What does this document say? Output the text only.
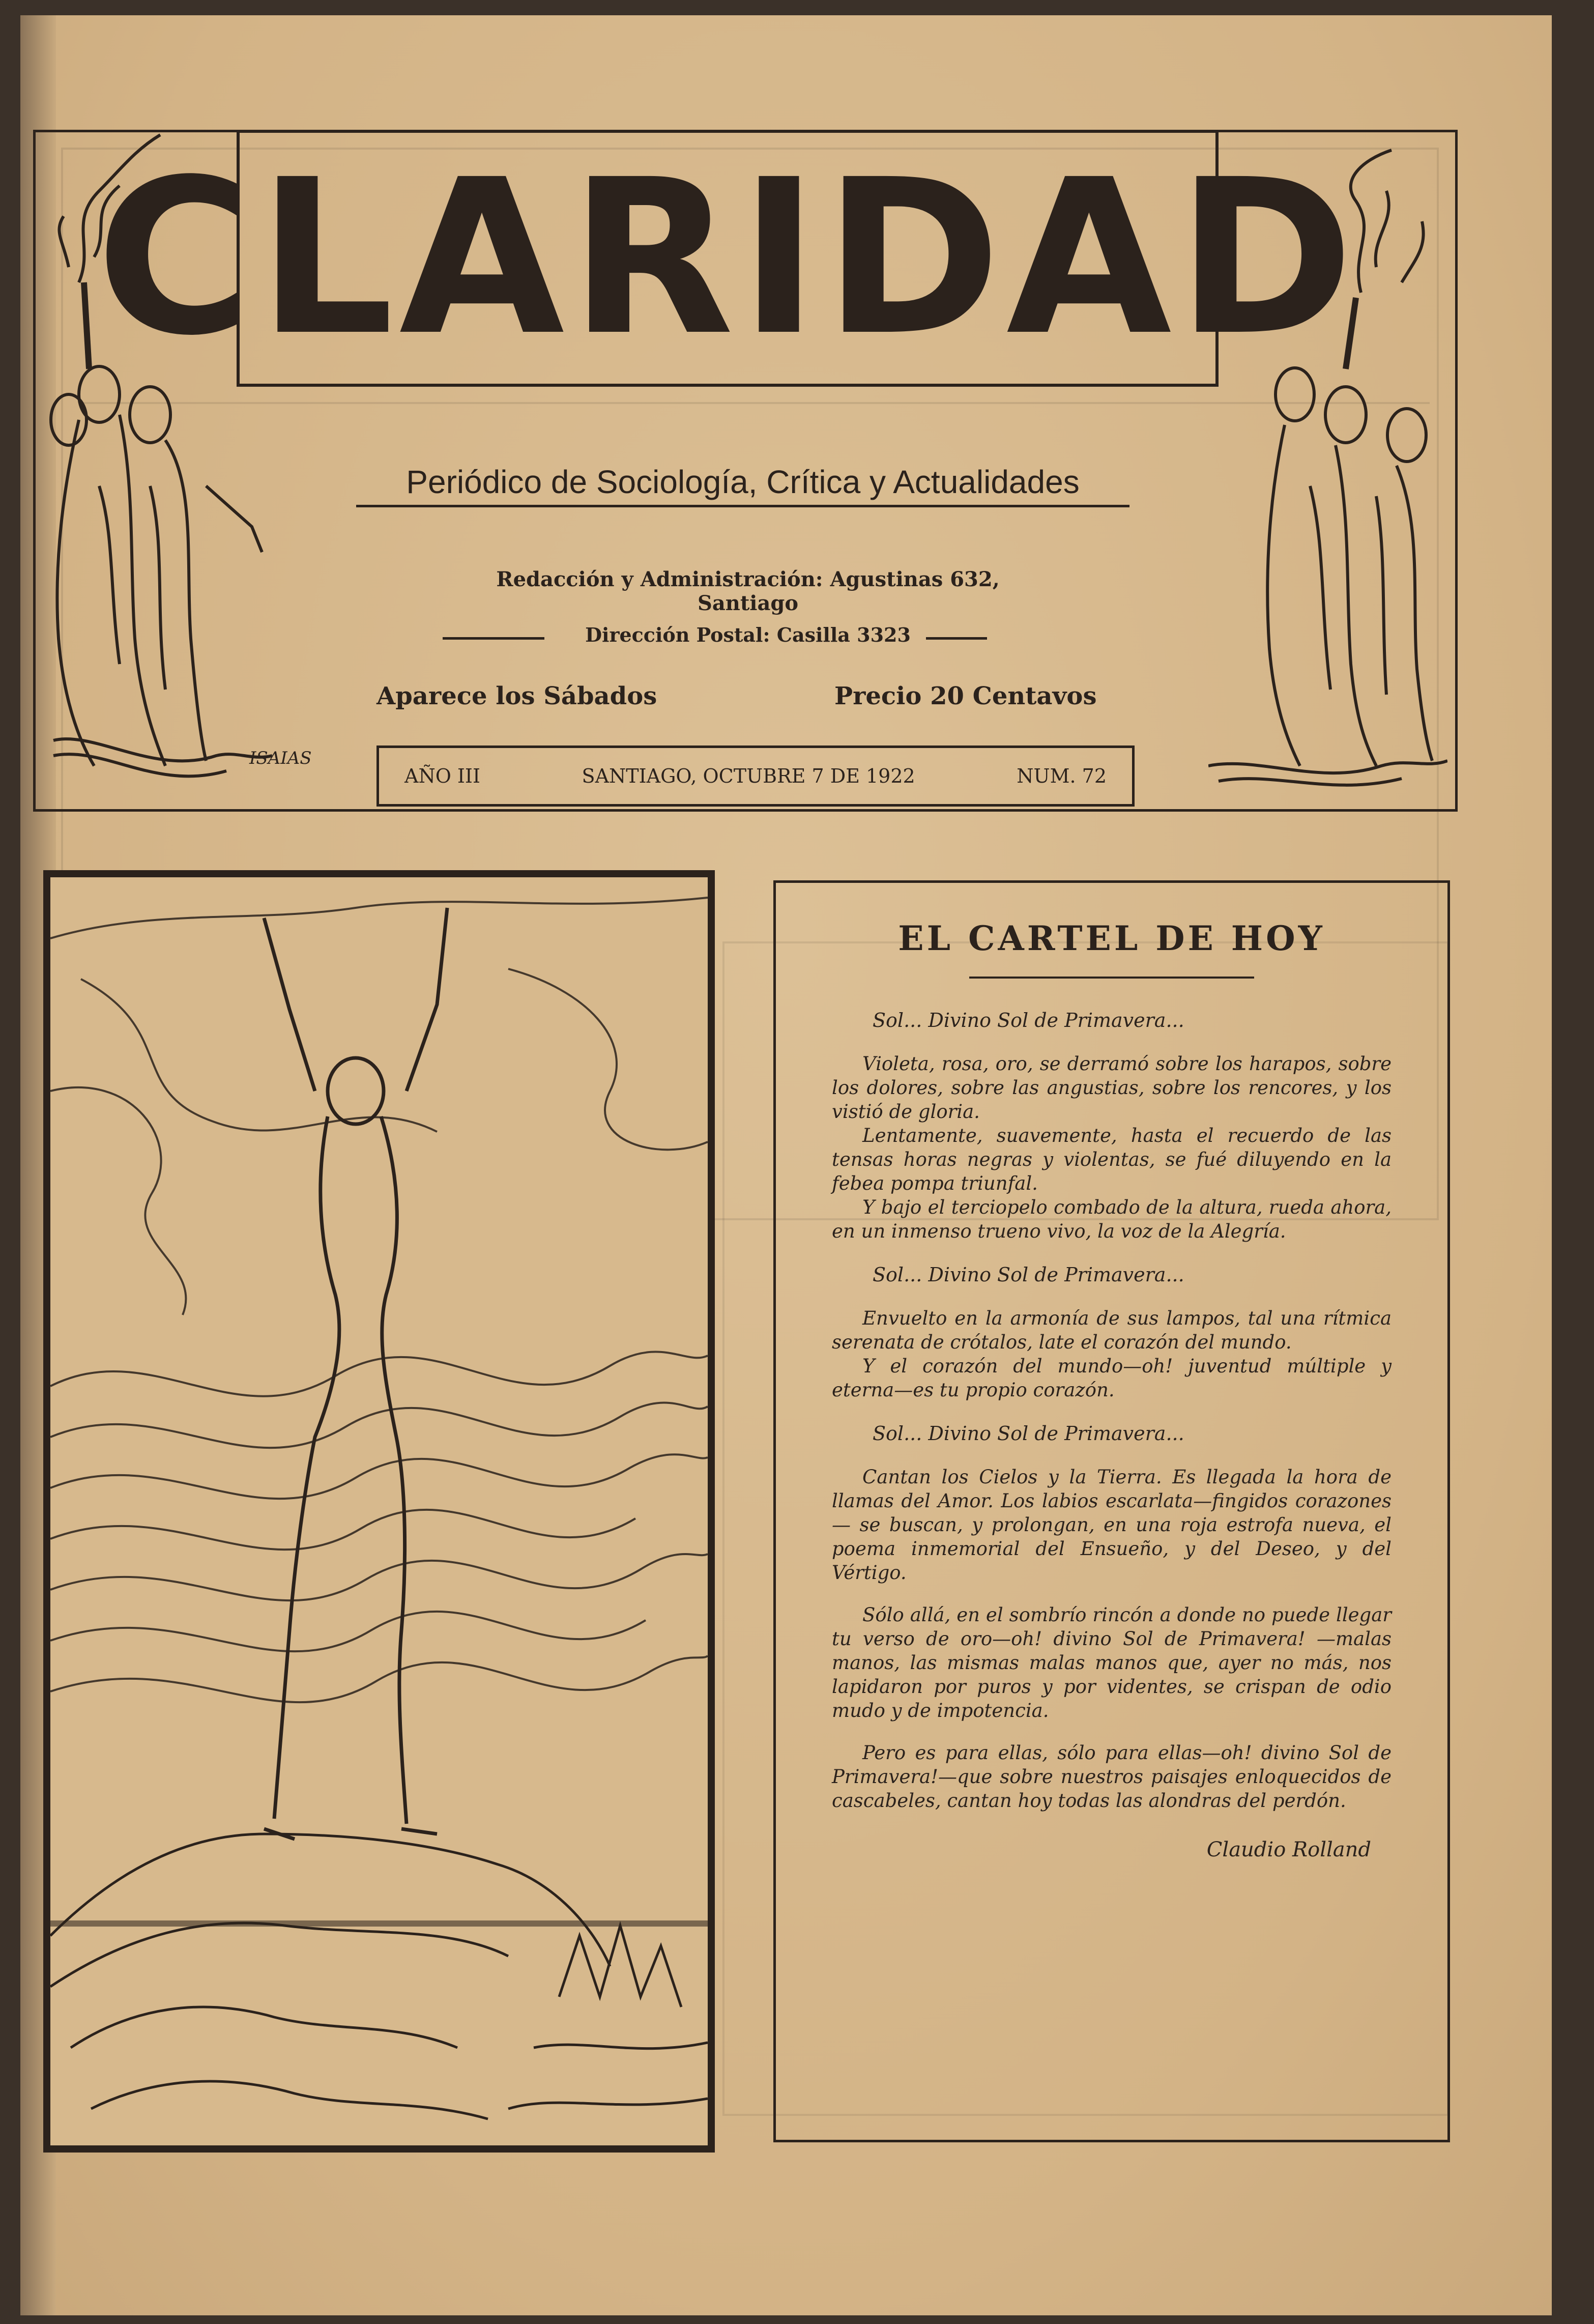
ISAIAS
CLARIDAD
Periódico de Sociología, Crítica y Actualidades
Redacción y Administración: Agustinas 632, Santiago
Dirección Postal: Casilla 3323
Aparece los Sábados	Precio 20 Centavos
AÑO III	SANTIAGO, OCTUBRE 7 DE 1922	NUM. 72
EL CARTEL DE HOY
Sol... Divino Sol de Primavera...

Violeta, rosa, oro, se derramó sobre los harapos, sobre los dolores, sobre las angustias, sobre los rencores, y los vistió de gloria.

Lentamente, suavemente, hasta el recuerdo de las tensas horas negras y violentas, se fué diluyendo en la febea pompa triunfal.

Y bajo el terciopelo combado de la altura, rueda ahora, en un inmenso trueno vivo, la voz de la Alegría.

Sol... Divino Sol de Primavera...

Envuelto en la armonía de sus lampos, tal una rítmica serenata de crótalos, late el corazón del mundo.

Y el corazón del mundo—oh! juventud múltiple y eterna—es tu propio corazón.

Sol... Divino Sol de Primavera...

Cantan los Cielos y la Tierra. Es llegada la hora de llamas del Amor. Los labios escarlata—fingidos corazones— se buscan, y prolongan, en una roja estrofa nueva, el poema inmemorial del Ensueño, y del Deseo, y del Vértigo.

Sólo allá, en el sombrío rincón a donde no puede llegar tu verso de oro—oh! divino Sol de Primavera! —malas manos, las mismas malas manos que, ayer no más, nos lapidaron por puros y por videntes, se crispan de odio mudo y de impotencia.

Pero es para ellas, sólo para ellas—oh! divino Sol de Primavera!—que sobre nuestros paisajes enloquecidos de cascabeles, cantan hoy todas las alondras del perdón.

Claudio Rolland
